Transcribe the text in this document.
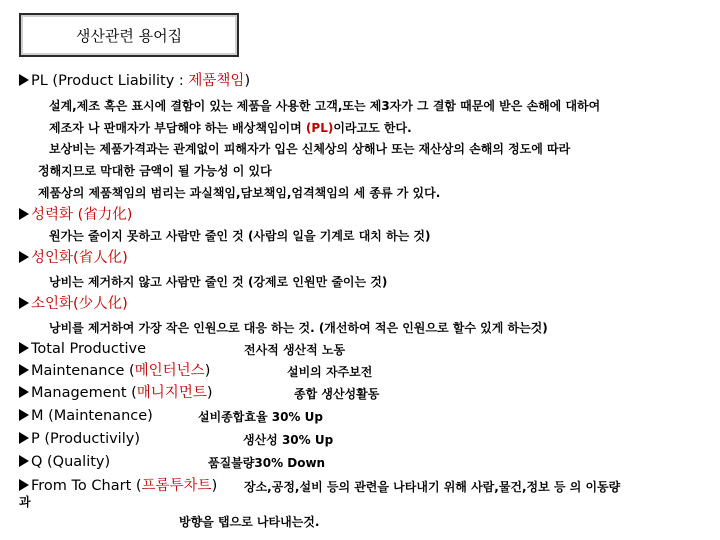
생산관련 용어집
PL (Product Liability : 제품책임)
설계,제조 혹은 표시에 결함이 있는 제품을 사용한 고객,또는 제3자가 그 결함 때문에 받은 손해에 대하여
제조자 나 판매자가 부담해야 하는 배상책임이며 (PL)이라고도 한다.
보상비는 제품가격과는 관계없이 피해자가 입은 신체상의 상해나 또는 재산상의 손해의 정도에 따라
정해지므로 막대한 금액이 될 가능성 이 있다
제품상의 제품책임의 범리는 과실책임,담보책임,엄격책임의 세 종류 가 있다.
성력화 (省力化)
원가는 줄이지 못하고 사람만 줄인 것 (사람의 일을 기계로 대치 하는 것)
성인화(省人化)
낭비는 제거하지 않고 사람만 줄인 것 (강제로 인원만 줄이는 것)
소인화(少人化)
낭비를 제거하여 가장 작은 인원으로 대응 하는 것. (개선하여 적은 인원으로 할수 있게 하는것)
Total Productive	전사적 생산적 노동
Maintenance (메인터넌스)	설비의 자주보전
Management (매니지먼트)	종합 생산성활동
M (Maintenance)	설비종합효율 30% Up
P (Productivily)	생산성 30% Up
Q (Quality)	품질불량30% Down
From To Chart (프롬투차트) 장소,공정,설비 등의 관련을 나타내기 위해 사람,물건,정보 등 의 이동량
과
방향을 탭으로 나타내는것.
